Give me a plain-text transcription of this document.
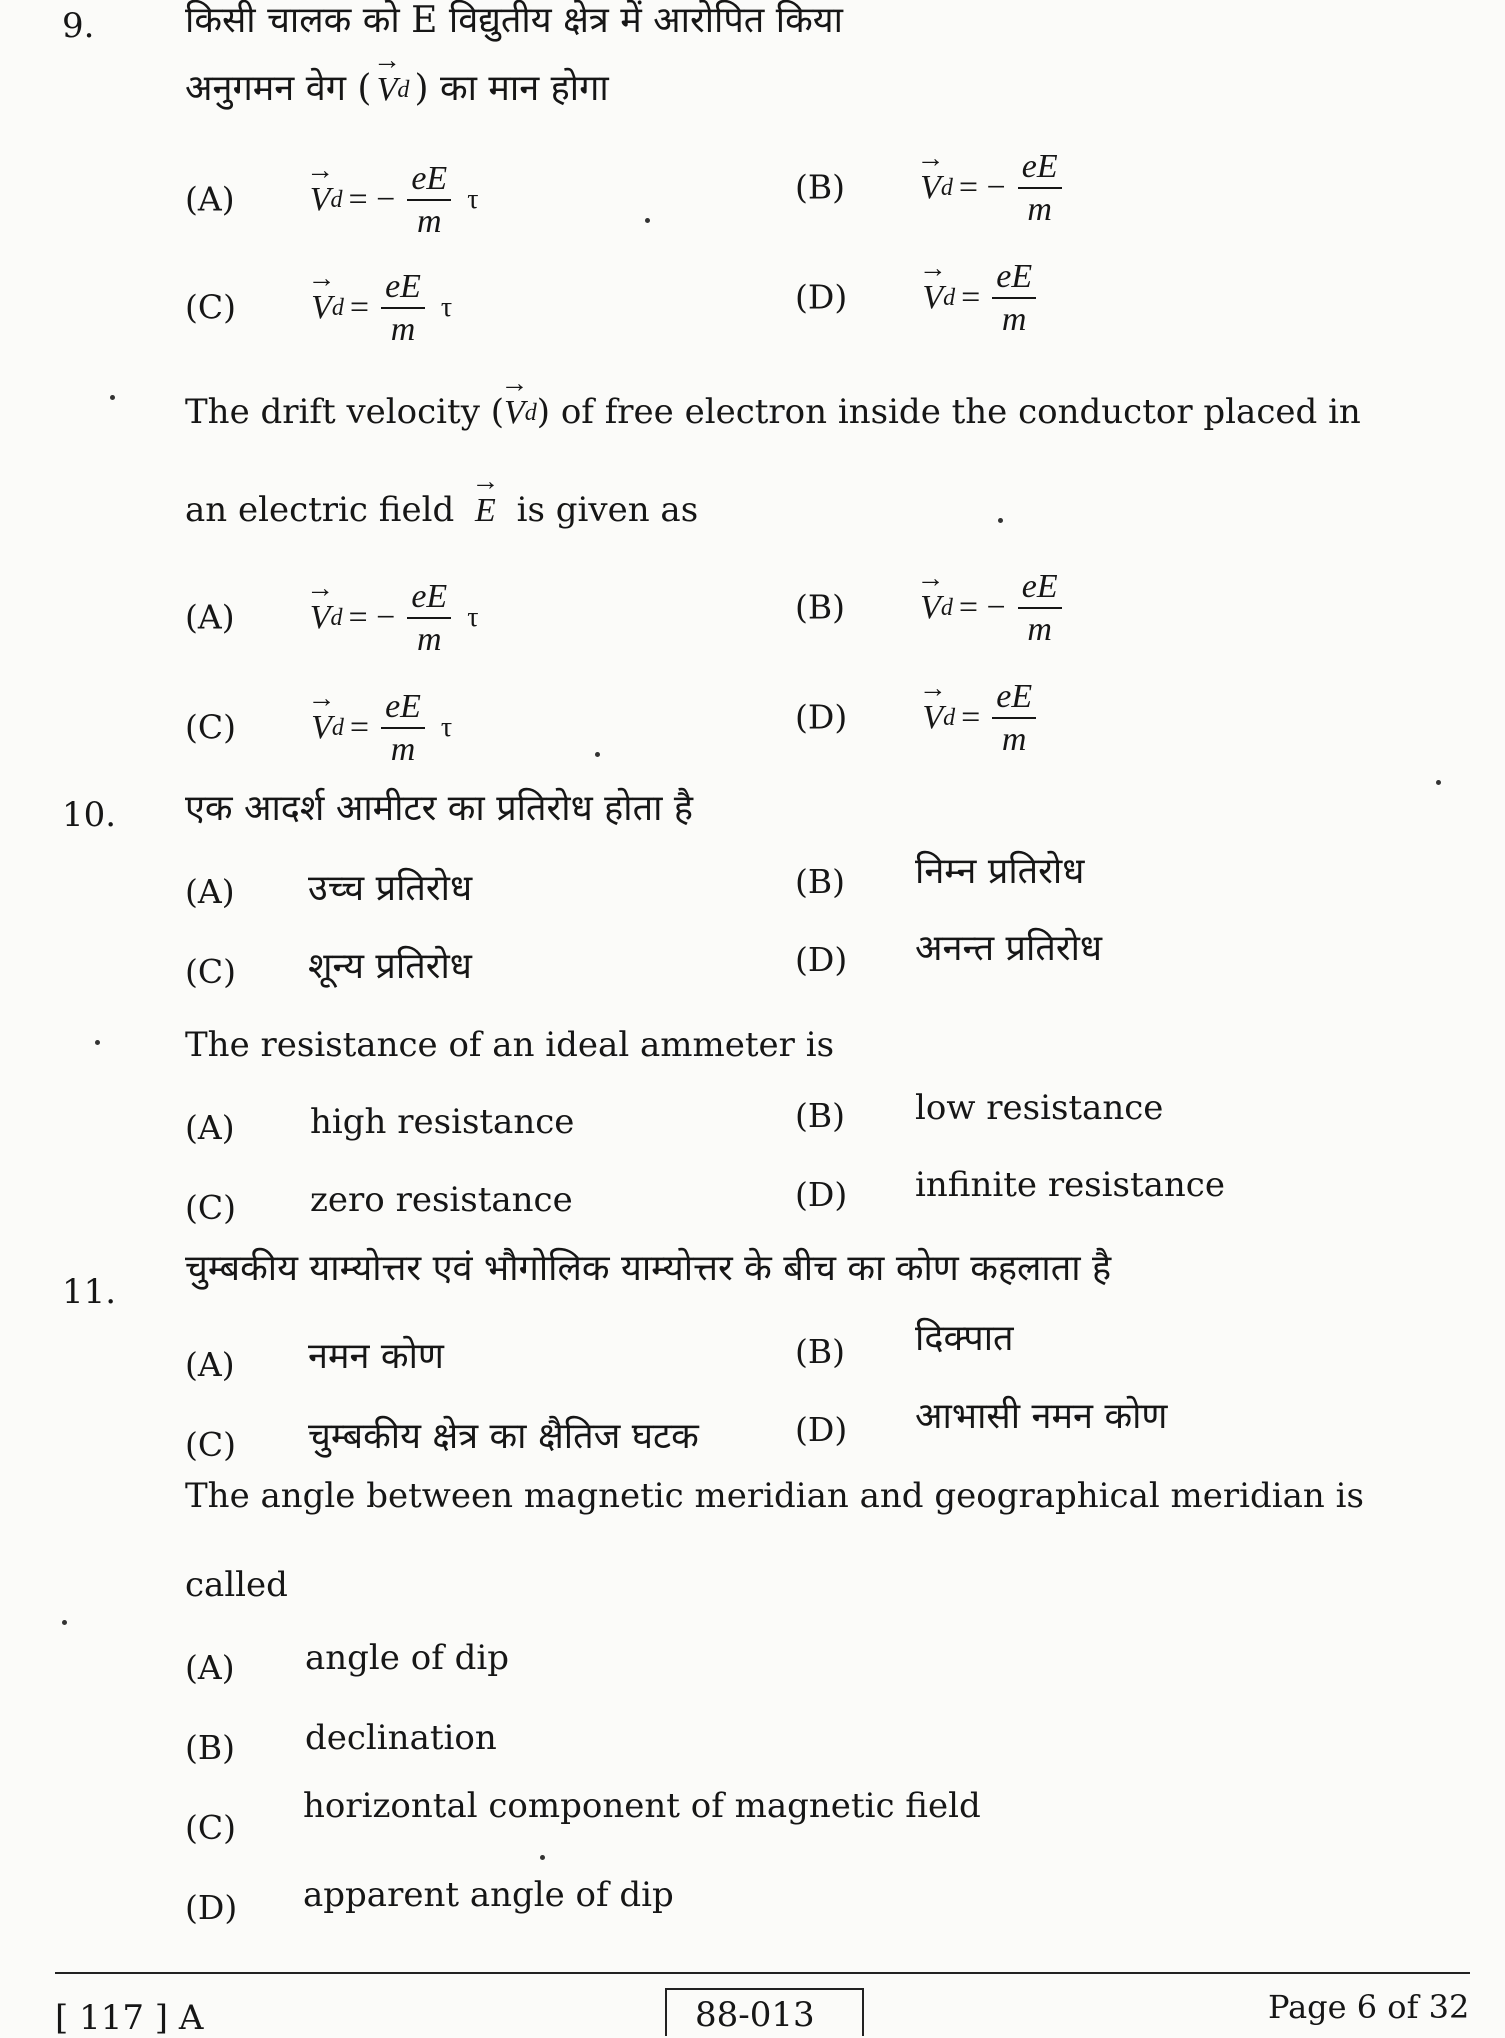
9.	किसी चालक को E विद्युतीय क्षेत्र में आरोपित किया
अनुगमन वेग ( → V d ) का मान होगा
(A) → V d = − $\frac{eE}{m}$ τ	(B) → V d = − $\frac{eE}{m}$
(C) → V $d = \frac{eE}{m}$ τ	(D) → V $d = \frac{eE}{m}$
The drift velocity ( → V d ) of free electron inside the conductor placed in
an electric field → E is given as
(A) → V d = − $\frac{eE}{m}$ τ	(B) → V d = − $\frac{eE}{m}$
(C) → V $d = \frac{eE}{m}$ τ	(D) → V $d = \frac{eE}{m}$
10. एक आदर्श आमीटर का प्रतिरोध होता है
(A) उच्च प्रतिरोध	(B) निम्न प्रतिरोध
(C) शून्य प्रतिरोध	(D) अनन्त प्रतिरोध
The resistance of an ideal ammeter is
(A) high resistance	(B) low resistance
(C) zero resistance	(D) infinite resistance
11.
चुम्बकीय याम्योत्तर एवं भौगोलिक याम्योत्तर के बीच का कोण कहलाता है
(A) नमन कोण	(B) दिक्पात
(C) चुम्बकीय क्षेत्र का क्षैतिज घटक	(D) आभासी नमन कोण
The angle between magnetic meridian and geographical meridian is
called
(A) angle of dip
(B) declination
(C)
horizontal component of magnetic field
(D) apparent angle of dip
[ 117 ] A	88-013	Page 6 of 32
